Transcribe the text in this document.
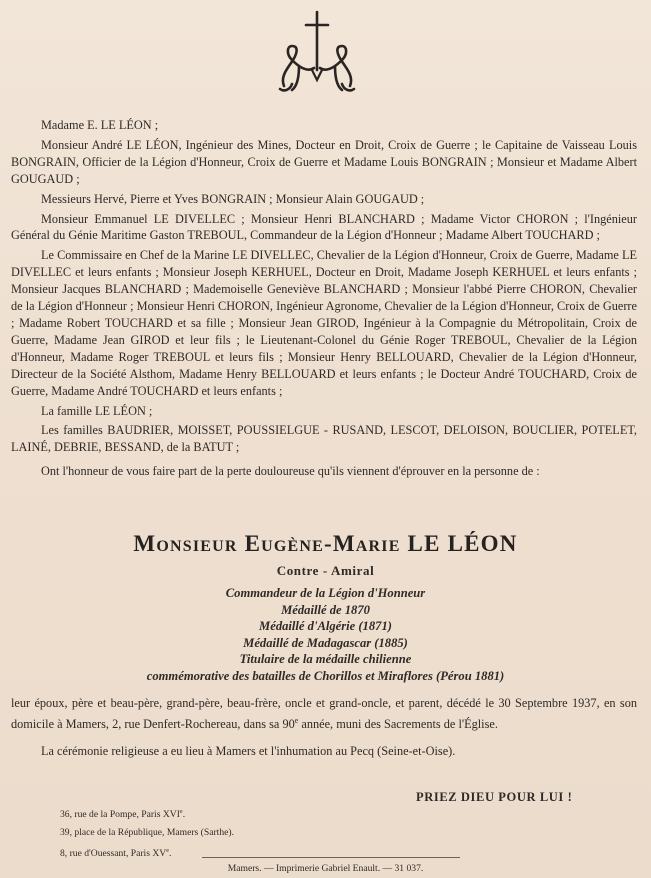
Madame E. LE LÉON ;

Monsieur André LE LÉON, Ingénieur des Mines, Docteur en Droit, Croix de Guerre ; le Capitaine de Vaisseau Louis BONGRAIN, Officier de la Légion d'Honneur, Croix de Guerre et Madame Louis BONGRAIN ; Monsieur et Madame Albert GOUGAUD ;

Messieurs Hervé, Pierre et Yves BONGRAIN ; Monsieur Alain GOUGAUD ;

Monsieur Emmanuel LE DIVELLEC ; Monsieur Henri BLANCHARD ; Madame Victor CHORON ; l'Ingénieur Général du Génie Maritime Gaston TREBOUL, Commandeur de la Légion d'Honneur ; Madame Albert TOUCHARD ;

Le Commissaire en Chef de la Marine LE DIVELLEC, Chevalier de la Légion d'Honneur, Croix de Guerre, Madame LE DIVELLEC et leurs enfants ; Monsieur Joseph KERHUEL, Docteur en Droit, Madame Joseph KERHUEL et leurs enfants ; Monsieur Jacques BLANCHARD ; Mademoiselle Geneviève BLANCHARD ; Monsieur l'abbé Pierre CHORON, Chevalier de la Légion d'Honneur ; Monsieur Henri CHORON, Ingénieur Agronome, Chevalier de la Légion d'Honneur, Croix de Guerre ; Madame Robert TOUCHARD et sa fille ; Monsieur Jean GIROD, Ingénieur à la Compagnie du Métropolitain, Croix de Guerre, Madame Jean GIROD et leur fils ; le Lieutenant-Colonel du Génie Roger TREBOUL, Chevalier de la Légion d'Honneur, Madame Roger TREBOUL et leurs fils ; Monsieur Henry BELLOUARD, Chevalier de la Légion d'Honneur, Directeur de la Société Alsthom, Madame Henry BELLOUARD et leurs enfants ; le Docteur André TOUCHARD, Croix de Guerre, Madame André TOUCHARD et leurs enfants ;

La famille LE LÉON ;

Les familles BAUDRIER, MOISSET, POUSSIELGUE - RUSAND, LESCOT, DELOISON, BOUCLIER, POTELET, LAINÉ, DEBRIE, BESSAND, de la BATUT ;

Ont l'honneur de vous faire part de la perte douloureuse qu'ils viennent d'éprouver en la personne de :

Monsieur Eugène-Marie LE LÉON
Contre - Amiral
Commandeur de la Légion d'Honneur
Médaillé de 1870
Médaillé d'Algérie (1871)
Médaillé de Madagascar (1885)
Titulaire de la médaille chilienne
commémorative des batailles de Chorillos et Miraflores (Pérou 1881)

leur époux, père et beau-père, grand-père, beau-frère, oncle et grand-oncle, et parent, décédé le 30 Septembre 1937, en son domicile à Mamers, 2, rue Denfert-Rochereau, dans sa 90e année, muni des Sacrements de l'Église.

La cérémonie religieuse a eu lieu à Mamers et l'inhumation au Pecq (Seine-et-Oise).

PRIEZ DIEU POUR LUI !
36, rue de la Pompe, Paris XVIe.
39, place de la République, Mamers (Sarthe).
8, rue d'Ouessant, Paris XVe.
Mamers. — Imprimerie Gabriel Enault. — 31 037.
